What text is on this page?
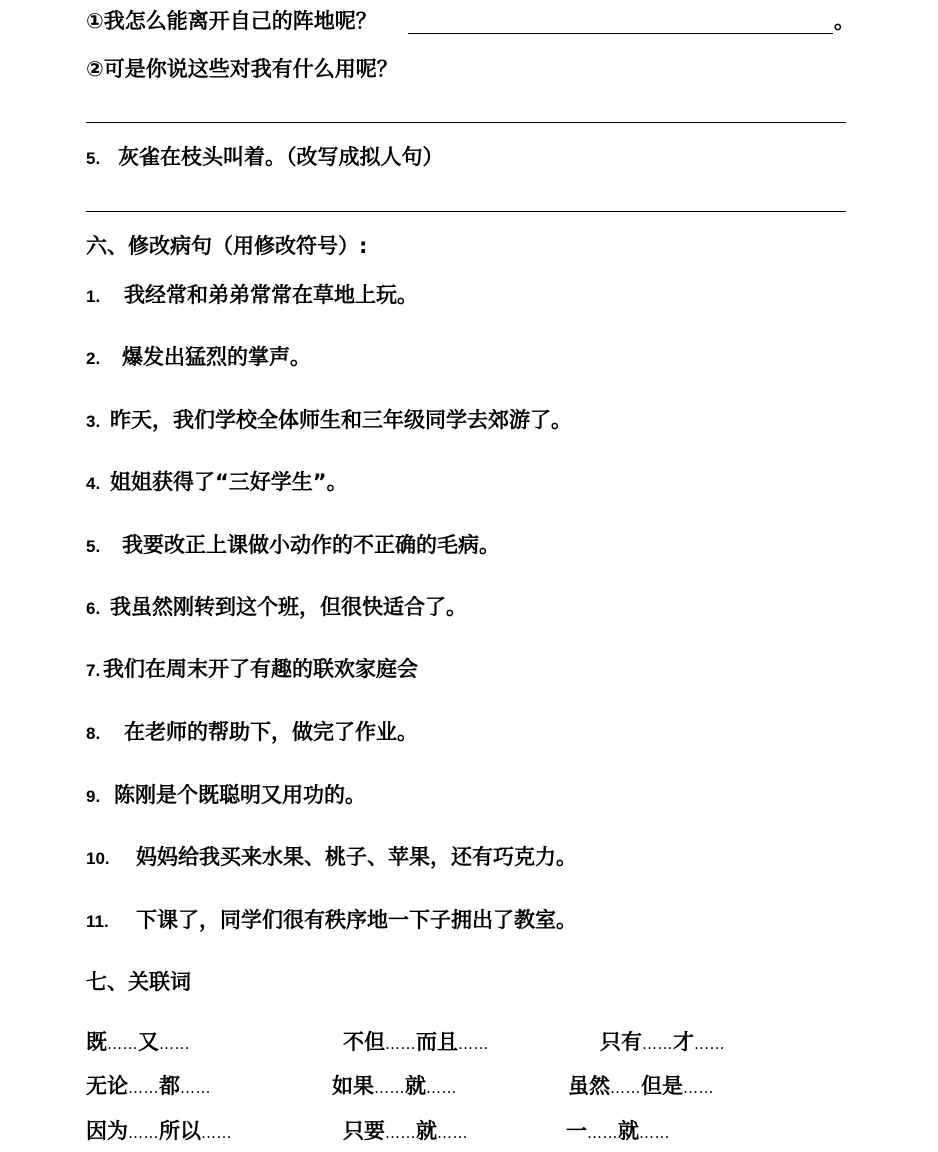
①我怎么能离开自己的阵地呢？	。
②可是你说这些对我有什么用呢？
5. 灰雀在枝头叫着。（改写成拟人句）
六、修改病句（用修改符号）:
1. 我经常和弟弟常常在草地上玩。
2. 爆发出猛烈的掌声。
3. 昨天，我们学校全体师生和三年级同学去郊游了。
4. 姐姐获得了“三好学生”。
5. 我要改正上课做小动作的不正确的毛病。
6. 我虽然刚转到这个班，但很快适合了。
7. 我们在周末开了有趣的联欢家庭会
8. 在老师的帮助下，做完了作业。
9. 陈刚是个既聪明又用功的。
10. 妈妈给我买来水果、桃子、苹果，还有巧克力。
11. 下课了，同学们很有秩序地一下子拥出了教室。
七、关联词
既……又……	不但……而且……	只有……才……
无论……都……	如果……就……	虽然……但是……
因为……所以……	只要……就……	一……就……
